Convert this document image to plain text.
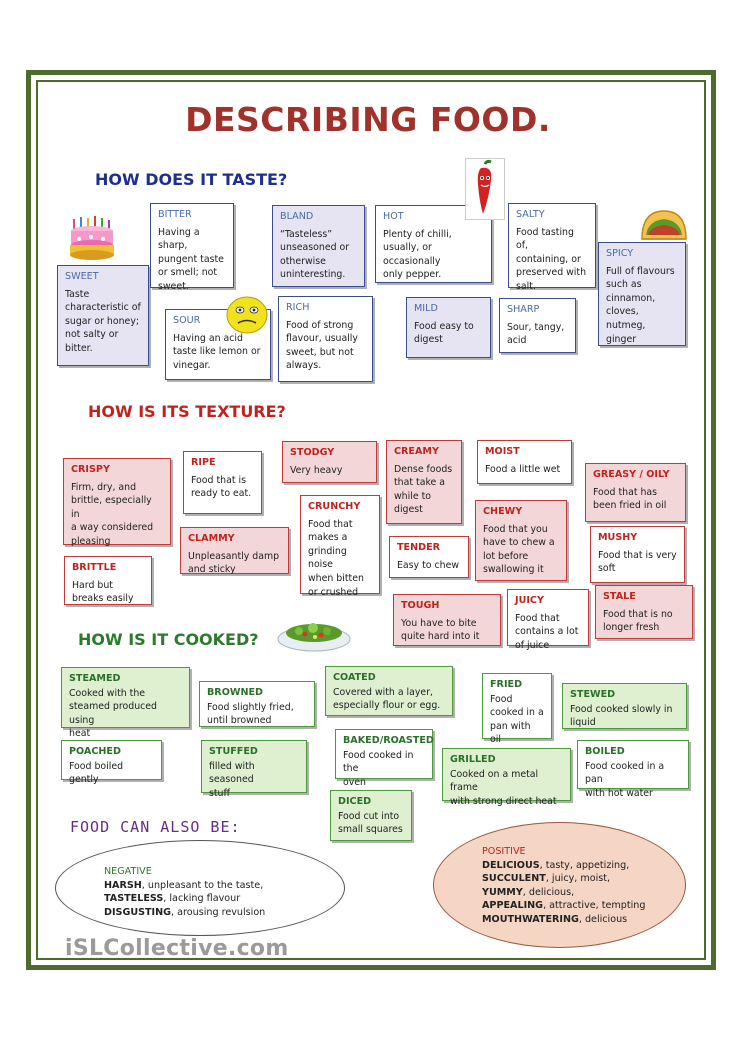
DESCRIBING FOOD.
HOW DOES IT TASTE?
HOW IS ITS TEXTURE?
HOW IS IT COOKED?
SWEET
Taste
characteristic of
sugar or honey;
not salty or
bitter.
BITTER
Having a sharp,
pungent taste
or smell; not
sweet.
SOUR
Having an acid
taste like lemon or
vinegar.
BLAND
“Tasteless”
unseasoned or
otherwise
uninteresting.
RICH
Food of strong
flavour, usually
sweet, but not
always.
HOT
Plenty of chilli,
usually, or occasionally
only pepper.
MILD
Food easy to
digest
SALTY
Food tasting of,
containing, or
preserved with
salt.
SHARP
Sour, tangy,
acid
SPICY
Full of flavours
such as
cinnamon,
cloves, nutmeg,
ginger
CRISPY
Firm, dry, and
brittle, especially in
a way considered
pleasing
RIPE
Food that is
ready to eat.
STODGY
Very heavy
CREAMY
Dense foods
that take a
while to
digest
MOIST
Food a little wet	GREASY / OILY
Food that has
been fried in oil
CRUNCHY
Food that
makes a
grinding noise
when bitten
or crushed
CLAMMY
Unpleasantly damp
and sticky
CHEWY
Food that you
have to chew a
lot before
swallowing it
MUSHY
Food that is very
soft
BRITTLE
Hard but
breaks easily
TENDER
Easy to chew
TOUGH
You have to bite
quite hard into it
JUICY
Food that
contains a lot
of juice
STALE
Food that is no
longer fresh
STEAMED
Cooked with the
steamed produced using
heat
BROWNED
Food slightly fried,
until browned
COATED
Covered with a layer,
especially flour or egg.
FRIED
Food
cooked in a
pan with oil
STEWED
Food cooked slowly in
liquid
POACHED
Food boiled gently
STUFFED
filled with seasoned
stuff
BAKED/ROASTED
Food cooked in the
oven
GRILLED
Cooked on a metal frame
with strong direct heat
BOILED
Food cooked in a pan
with hot water
DICED
Food cut into
small squares
FOOD CAN ALSO BE:
NEGATIVE
HARSH, unpleasant to the taste,
TASTELESS, lacking flavour
DISGUSTING, arousing revulsion
POSITIVE
DELICIOUS, tasty, appetizing,
SUCCULENT, juicy, moist,
YUMMY, delicious,
APPEALING, attractive, tempting
MOUTHWATERING, delicious
iSLCollective.com
